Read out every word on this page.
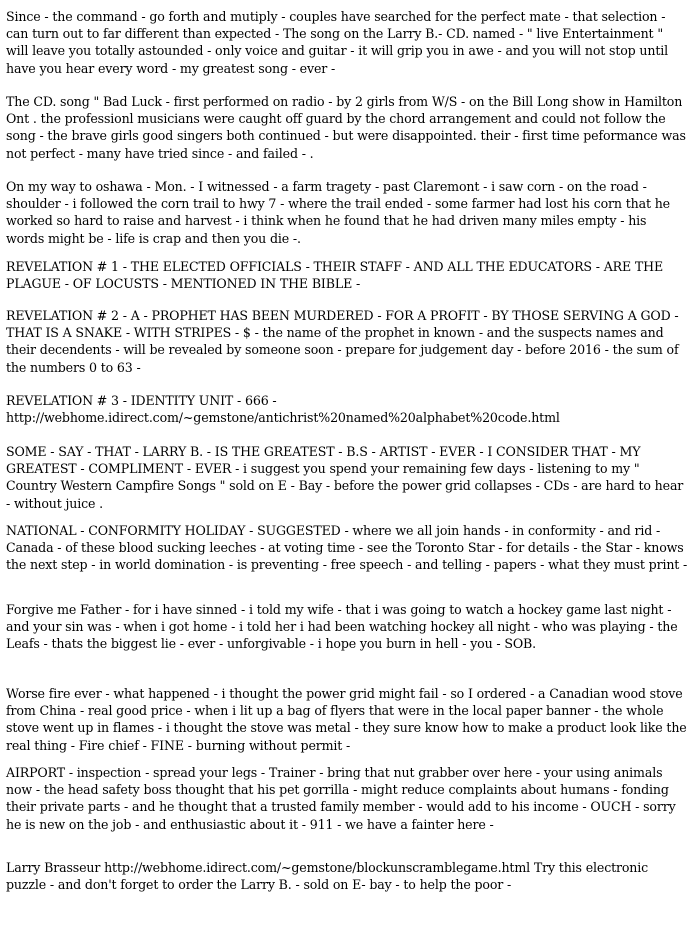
Since - the command - go forth and mutiply - couples have searched for the perfect mate - that selection - can turn out to far different than expected - The song on the Larry B.- CD. named - " live Entertainment " will leave you totally astounded - only voice and guitar - it will grip you in awe - and you will not stop until have you hear every word - my greatest song - ever -

The CD. song " Bad Luck - first performed on radio - by 2 girls from W/S - on the Bill Long show in Hamilton Ont . the professionl musicians were caught off guard by the chord arrangement and could not follow the song - the brave girls good singers both continued - but were disappointed. their - first time peformance was not perfect - many have tried since - and failed - .

On my way to oshawa - Mon. - I witnessed - a farm tragety - past Claremont - i saw corn - on the road - shoulder - i followed the corn trail to hwy 7 - where the trail ended - some farmer had lost his corn that he worked so hard to raise and harvest - i think when he found that he had driven many miles empty - his words might be - life is crap and then you die -.

REVELATION # 1 - THE ELECTED OFFICIALS - THEIR STAFF - AND ALL THE EDUCATORS - ARE THE PLAGUE - OF LOCUSTS - MENTIONED IN THE BIBLE -

REVELATION # 2 - A - PROPHET HAS BEEN MURDERED - FOR A PROFIT - BY THOSE SERVING A GOD - THAT IS A SNAKE - WITH STRIPES - $ - the name of the prophet in known - and the suspects names and their decendents - will be revealed by someone soon - prepare for judgement day - before 2016 - the sum of the numbers 0 to 63 -

REVELATION # 3 - IDENTITY UNIT - 666 -
http://webhome.idirect.com/~gemstone/antichrist%20named%20alphabet%20code.html

SOME - SAY - THAT - LARRY B. - IS THE GREATEST - B.S - ARTIST - EVER - I CONSIDER THAT - MY GREATEST - COMPLIMENT - EVER - i suggest you spend your remaining few days - listening to my " Country Western Campfire Songs " sold on E - Bay - before the power grid collapses - CDs - are hard to hear - without juice .

NATIONAL - CONFORMITY HOLIDAY - SUGGESTED - where we all join hands - in conformity - and rid - Canada - of these blood sucking leeches - at voting time - see the Toronto Star - for details - the Star - knows the next step - in world domination - is preventing - free speech - and telling - papers - what they must print -

Forgive me Father - for i have sinned - i told my wife - that i was going to watch a hockey game last night - and your sin was - when i got home - i told her i had been watching hockey all night - who was playing - the Leafs - thats the biggest lie - ever - unforgivable - i hope you burn in hell - you - SOB.

Worse fire ever - what happened - i thought the power grid might fail - so I ordered - a Canadian wood stove from China - real good price - when i lit up a bag of flyers that were in the local paper banner - the whole stove went up in flames - i thought the stove was metal - they sure know how to make a product look like the real thing - Fire chief - FINE - burning without permit -

AIRPORT - inspection - spread your legs - Trainer - bring that nut grabber over here - your using animals now - the head safety boss thought that his pet gorrilla - might reduce complaints about humans - fonding their private parts - and he thought that a trusted family member - would add to his income - OUCH - sorry he is new on the job - and enthusiastic about it - 911 - we have a fainter here -

Larry Brasseur http://webhome.idirect.com/~gemstone/blockunscramblegame.html Try this electronic puzzle - and don't forget to order the Larry B. - sold on E- bay - to help the poor -
